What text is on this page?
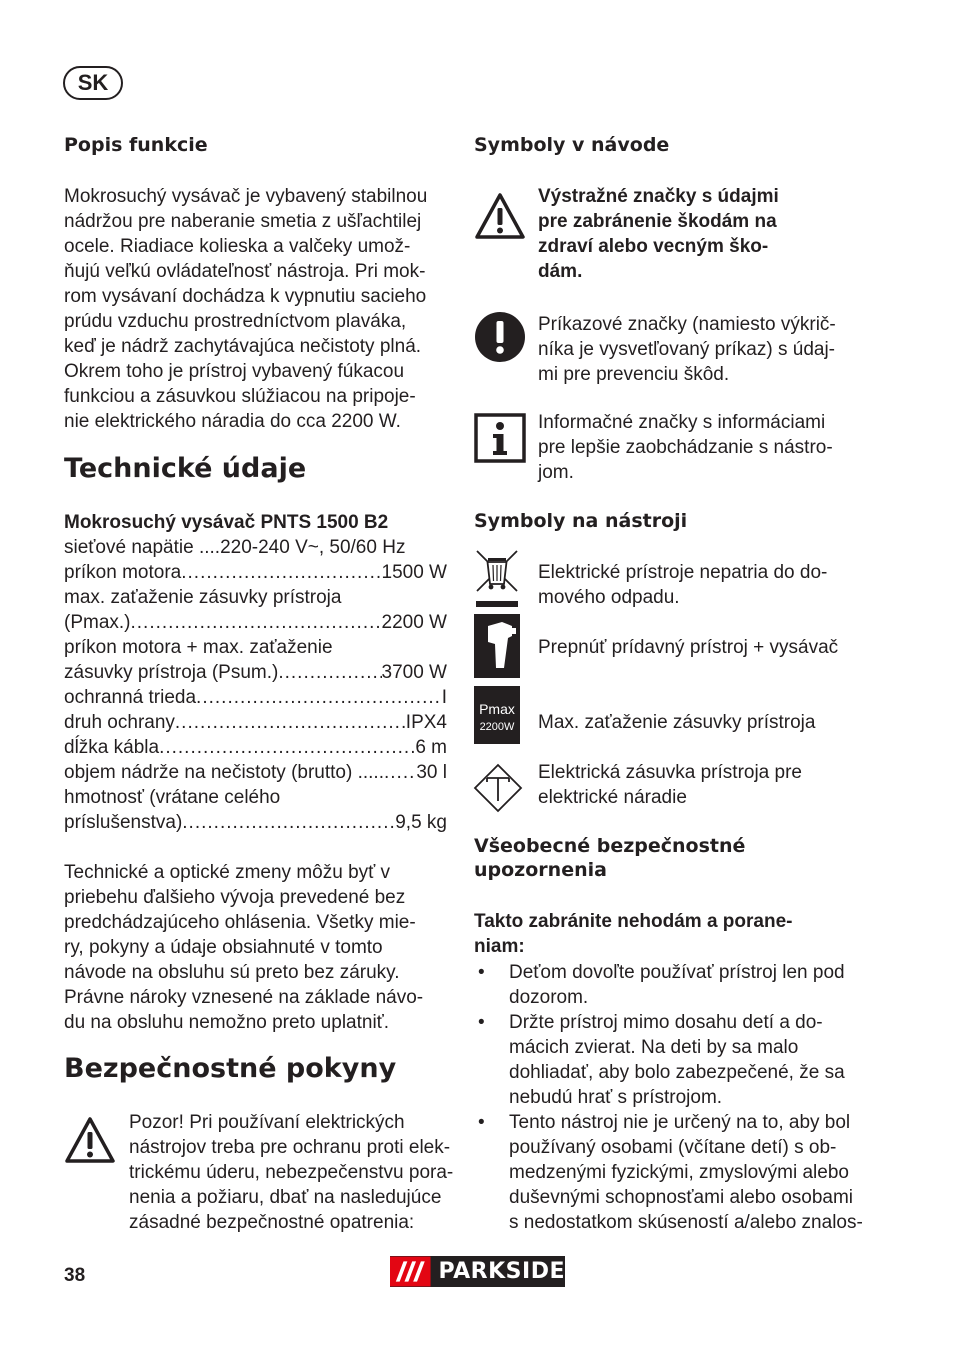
SK
Popis funkcie
Mokrosuchý vysávač je vybavený stabilnou
nádržou pre naberanie smetia z ušľachtilej
ocele. Riadiace kolieska a valčeky umož-
ňujú veľkú ovládateľnosť nástroja. Pri mok-
rom vysávaní dochádza k vypnutiu sacieho
prúdu vzduchu prostredníctvom plaváka,
keď je nádrž zachytávajúca nečistoty plná.
Okrem toho je prístroj vybavený fúkacou
funkciou a zásuvkou slúžiacou na pripoje-
nie elektrického náradia do cca 2200 W.
Technické údaje
Mokrosuchý vysávač PNTS 1500 B2
sieťové napätie .... 220-240 V~, 50/60 Hz
príkon motora .....	1500 W
max. zaťaženie zásuvky prístroja
(Pmax.) .....	2200 W
príkon motora + max. zaťaženie
zásuvky prístroja (Psum.) .....	3700 W
ochranná trieda .....	I
druh ochrany .....	IPX4
dĺžka kábla .....	6 m
objem nádrže na nečistoty (brutto) ..... ..... 30 l
hmotnosť (vrátane celého
príslušenstva) .....	9,5 kg
Technické a optické zmeny môžu byť v
priebehu ďalšieho vývoja prevedené bez
predchádzajúceho ohlásenia. Všetky mie-
ry, pokyny a údaje obsiahnuté v tomto
návode na obsluhu sú preto bez záruky.
Právne nároky vznesené na základe návo-
du na obsluhu nemožno preto uplatniť.
Bezpečnostné pokyny
Pozor! Pri používaní elektrických
nástrojov treba pre ochranu proti elek-
trickému úderu, nebezpečenstvu pora-
nenia a požiaru, dbať na nasledujúce
zásadné bezpečnostné opatrenia:
Symboly v návode
Výstražné značky s údajmi
pre zabránenie škodám na
zdraví alebo vecným ško-
dám.
Príkazové značky (namiesto výkrič-
níka je vysvetľovaný príkaz) s údaj-
mi pre prevenciu škôd.
Informačné značky s informáciami
pre lepšie zaobchádzanie s nástro-
jom.
Symboly na nástroji
Elektrické prístroje nepatria do do-
mového odpadu.
Prepnúť prídavný prístroj + vysávač
Pmax
2200W Max. zaťaženie zásuvky prístroja
Elektrická zásuvka prístroja pre
elektrické náradie
Všeobecné bezpečnostné
upozornenia
Takto zabránite nehodám a porane-
niam:
• Deťom dovoľte používať prístroj len pod
dozorom.
• Držte prístroj mimo dosahu detí a do-
mácich zvierat. Na deti by sa malo
dohliadať, aby bolo zabezpečené, že sa
nebudú hrať s prístrojom.
• Tento nástroj nie je určený na to, aby bol
používaný osobami (včítane detí) s ob-
medzenými fyzickými, zmyslovými alebo
duševnými schopnosťami alebo osobami
s nedostatkom skúseností a/alebo znalos-
38	PARKSIDE
